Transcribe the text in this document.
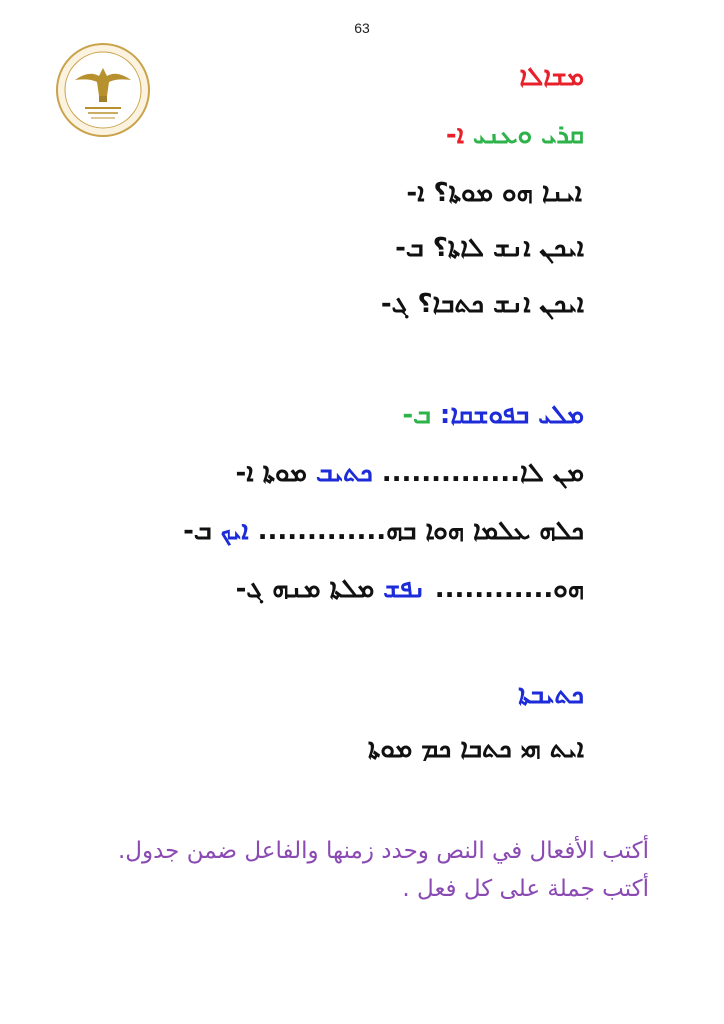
63
ܡܫܐܠܐ
ܐ- ܩܪܝ ܘܥܢܝ
ܐ- ܐܝܢܐ ܗܘ ܡܘܬܐ؟
ܒ- ܐܝܟܢ ܐܢܫ ܠܐܬܐ؟
ܓ- ܐܝܟܢ ܐܢܫ ܟܬܒܐ؟
ܒ- ܡܠܝ ܒܦܘܫܩܐ:
ܐ- ܡܘܬܐ ܟܬܝܒ ܡܢ ܠܐ..............
ܒ- ܐܝܟ ܟܠܗ ܥܠܡܐ ܗܘܐ ܒܗ.............
ܓ- ܡܠܬܐ ܡܢܗ ܢܦܫ ܗܘ............
ܟܬܝܒܬܐ
ܐܝܬ ܗܝ ܟܬܒܐ ܟܡ ܡܘܬܐ
أكتب الأفعال في النص وحدد زمنها والفاعل ضمن جدول.
أكتب جملة على كل فعل .
